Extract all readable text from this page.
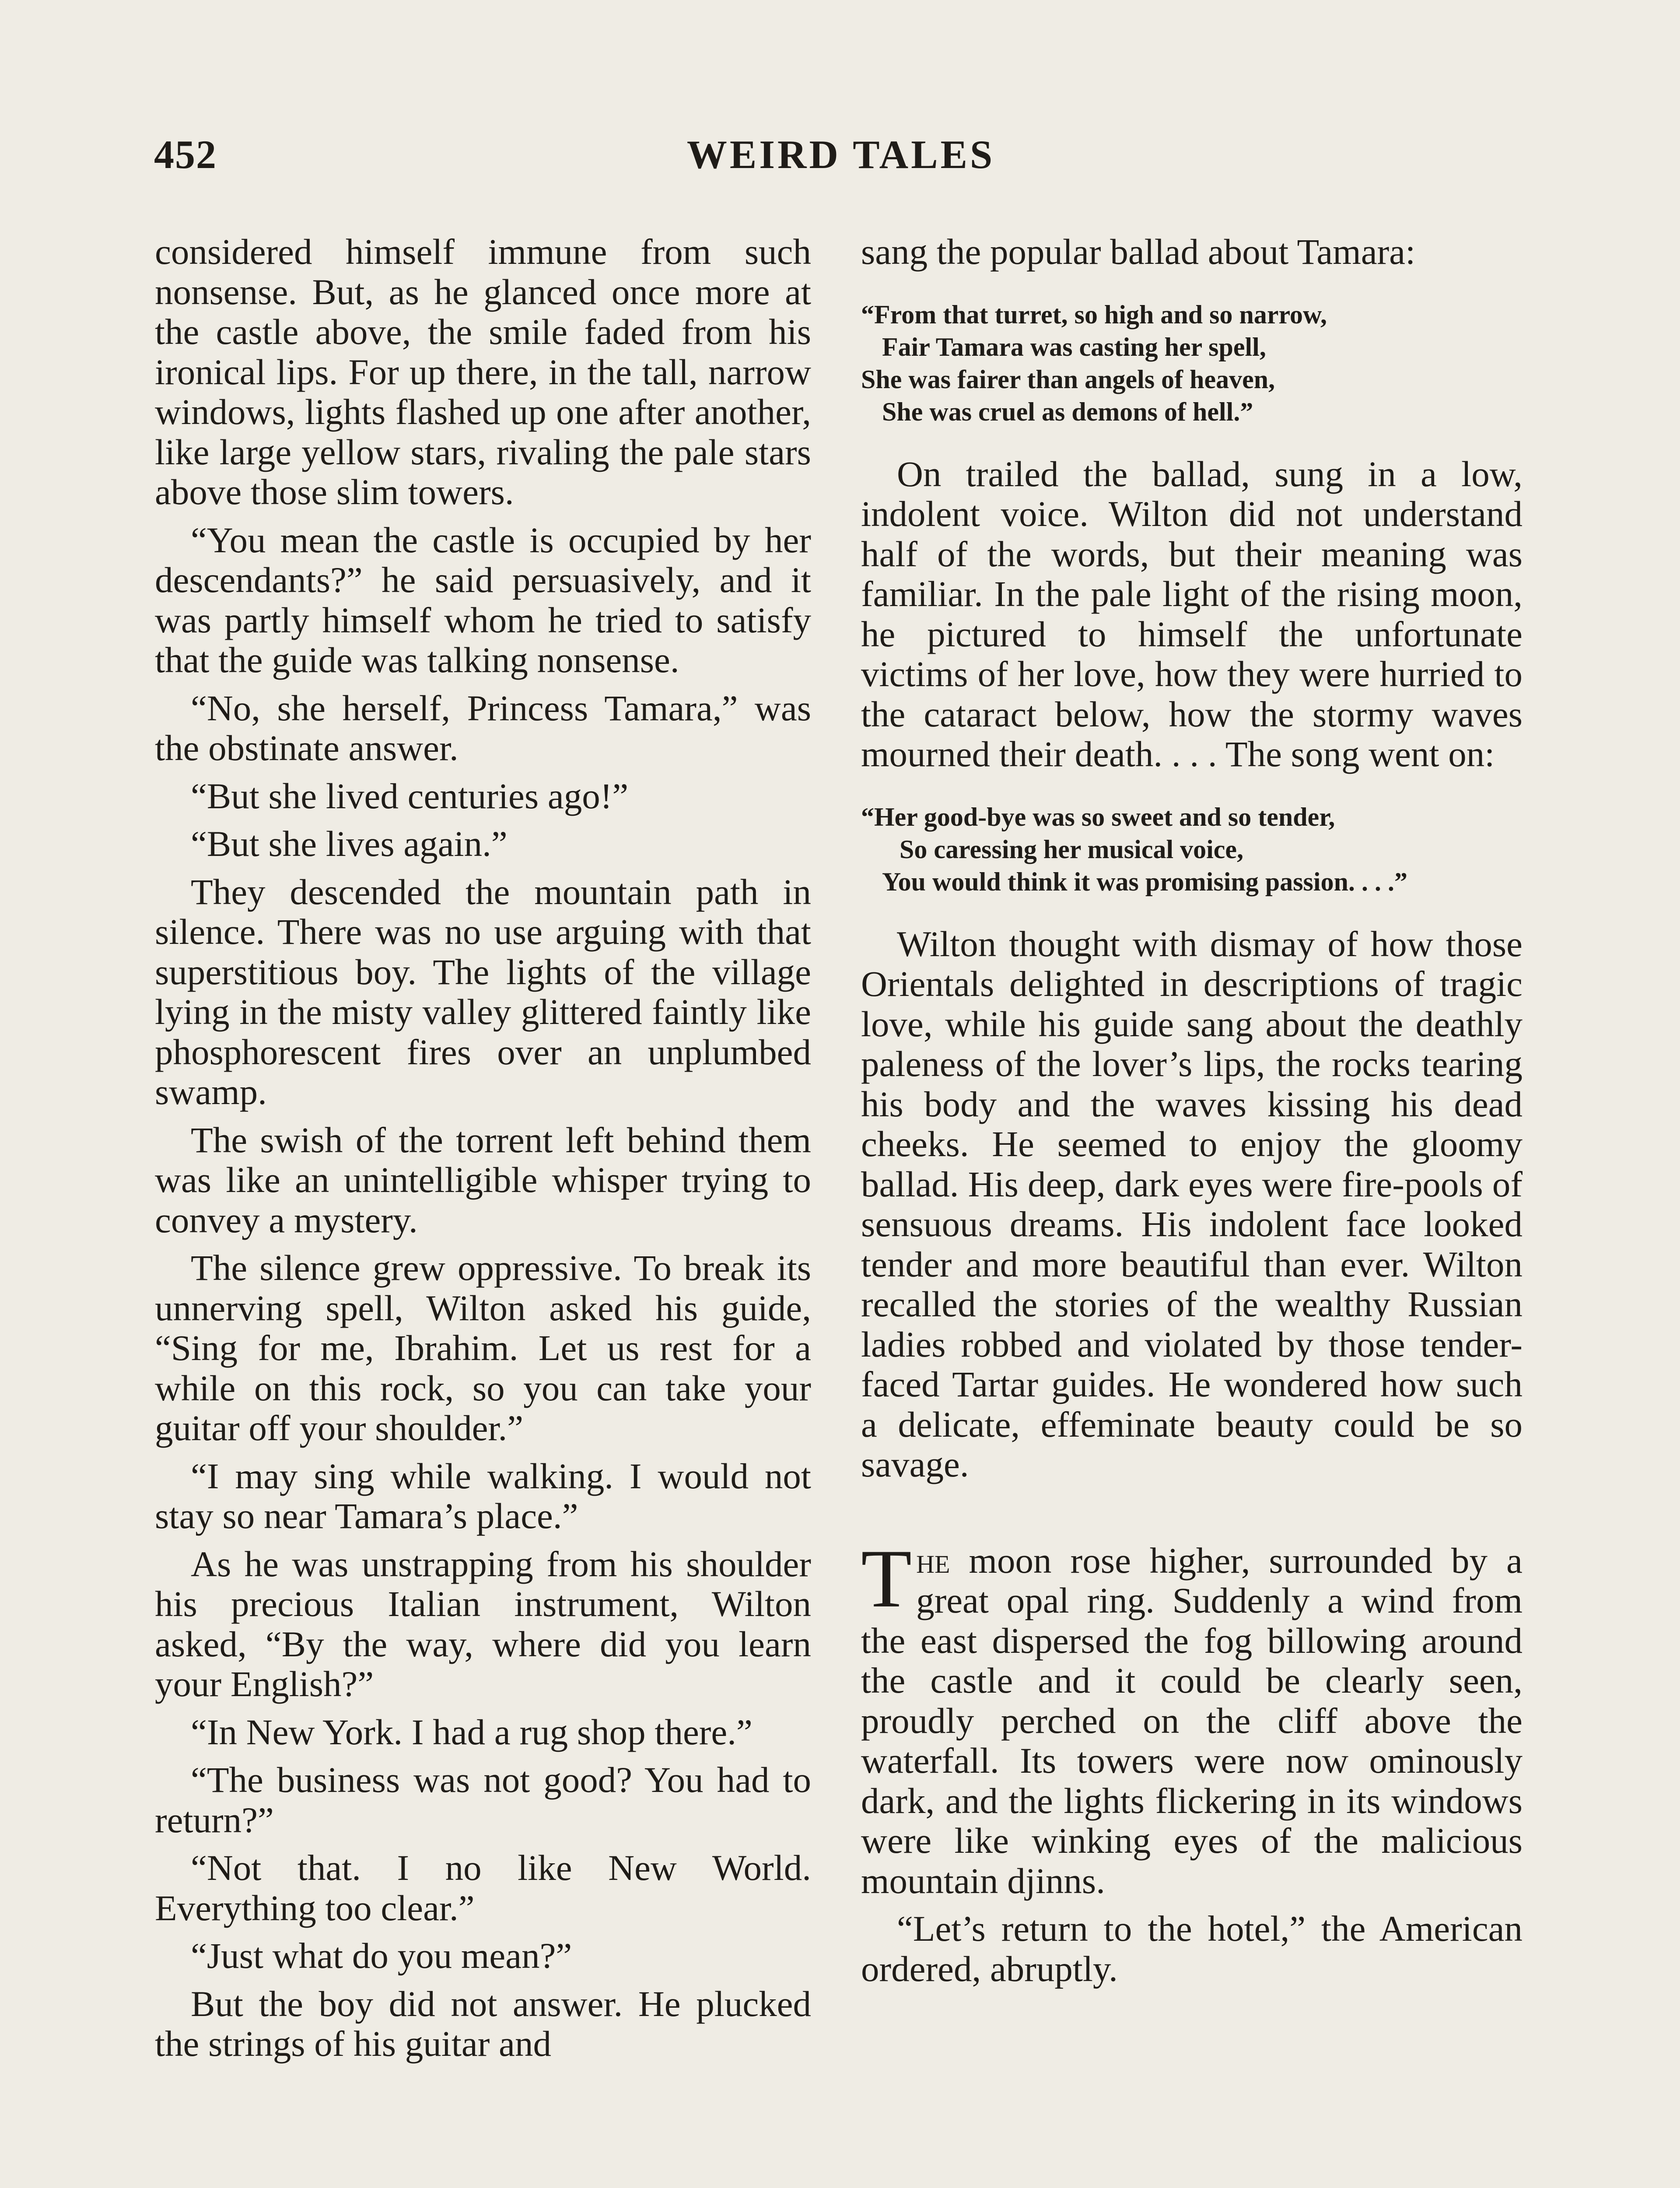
452	WEIRD TALES

considered himself immune from such nonsense. But, as he glanced once more at the castle above, the smile faded from his ironical lips. For up there, in the tall, narrow windows, lights flashed up one after another, like large yellow stars, rivaling the pale stars above those slim towers.

“You mean the castle is occupied by her descendants?” he said persuasively, and it was partly himself whom he tried to satisfy that the guide was talking nonsense.

“No, she herself, Princess Tamara,” was the obstinate answer.

“But she lived centuries ago!”

“But she lives again.”

They descended the mountain path in silence. There was no use arguing with that superstitious boy. The lights of the village lying in the misty valley glittered faintly like phosphorescent fires over an unplumbed swamp.

The swish of the torrent left behind them was like an unintelligible whisper trying to convey a mystery.

The silence grew oppressive. To break its unnerving spell, Wilton asked his guide, “Sing for me, Ibrahim. Let us rest for a while on this rock, so you can take your guitar off your shoulder.”

“I may sing while walking. I would not stay so near Tamara’s place.”

As he was unstrapping from his shoulder his precious Italian instrument, Wilton asked, “By the way, where did you learn your English?”

“In New York. I had a rug shop there.”

“The business was not good? You had to return?”

“Not that. I no like New World. Everything too clear.”

“Just what do you mean?”

But the boy did not answer. He plucked the strings of his guitar and

sang the popular ballad about Tamara:

“From that turret, so high and so narrow,
Fair Tamara was casting her spell,
She was fairer than angels of heaven,
She was cruel as demons of hell.”

On trailed the ballad, sung in a low, indolent voice. Wilton did not understand half of the words, but their meaning was familiar. In the pale light of the rising moon, he pictured to himself the unfortunate victims of her love, how they were hurried to the cataract below, how the stormy waves mourned their death. . . . The song went on:

“Her good-bye was so sweet and so tender,
So caressing her musical voice,
You would think it was promising passion. . . .”

Wilton thought with dismay of how those Orientals delighted in descriptions of tragic love, while his guide sang about the deathly paleness of the lover’s lips, the rocks tearing his body and the waves kissing his dead cheeks. He seemed to enjoy the gloomy ballad. His deep, dark eyes were fire-pools of sensuous dreams. His indolent face looked tender and more beautiful than ever. Wilton recalled the stories of the wealthy Russian ladies robbed and violated by those tender-faced Tartar guides. He wondered how such a delicate, effeminate beauty could be so savage.

The moon rose higher, surrounded by a great opal ring. Suddenly a wind from the east dispersed the fog billowing around the castle and it could be clearly seen, proudly perched on the cliff above the waterfall. Its towers were now ominously dark, and the lights flickering in its windows were like winking eyes of the malicious mountain djinns.

“Let’s return to the hotel,” the American ordered, abruptly.
